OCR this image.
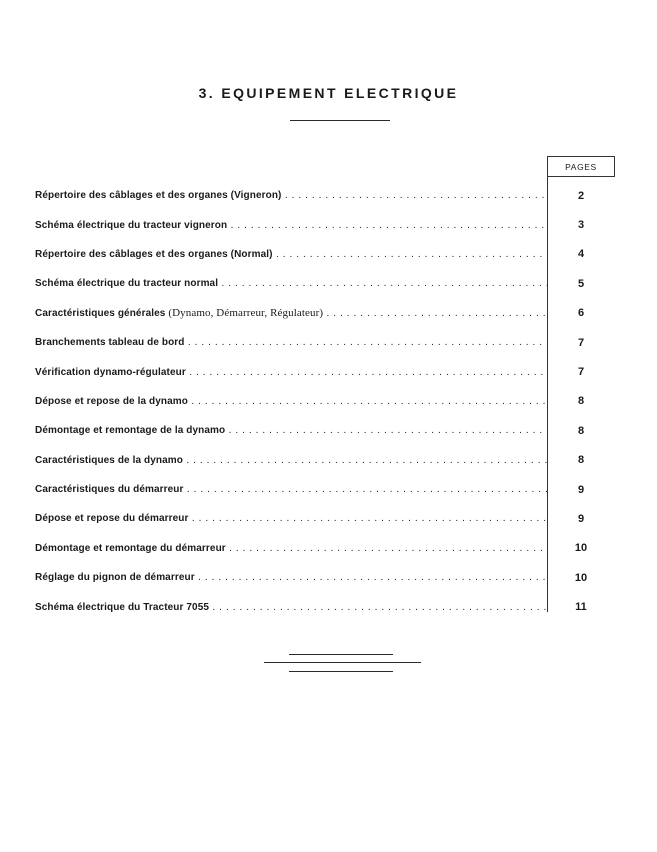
3. EQUIPEMENT ELECTRIQUE
PAGES
Répertoire des câblages et des organes (Vigneron) . . .	2
Schéma électrique du tracteur vigneron . . .	3
Répertoire des câblages et des organes (Normal) . . .	4
Schéma électrique du tracteur normal . . .	5
Caractéristiques générales (Dynamo, Démarreur, Régulateur) . . .	6
Branchements tableau de bord . . .	7
Vérification dynamo-régulateur . . .	7
Dépose et repose de la dynamo . . .	8
Démontage et remontage de la dynamo . . .	8
Caractéristiques de la dynamo . . .	8
Caractéristiques du démarreur . . .	9
Dépose et repose du démarreur . . .	9
Démontage et remontage du démarreur . . .	10
Réglage du pignon de démarreur . . .	10
Schéma électrique du Tracteur 7055 . . .	11
